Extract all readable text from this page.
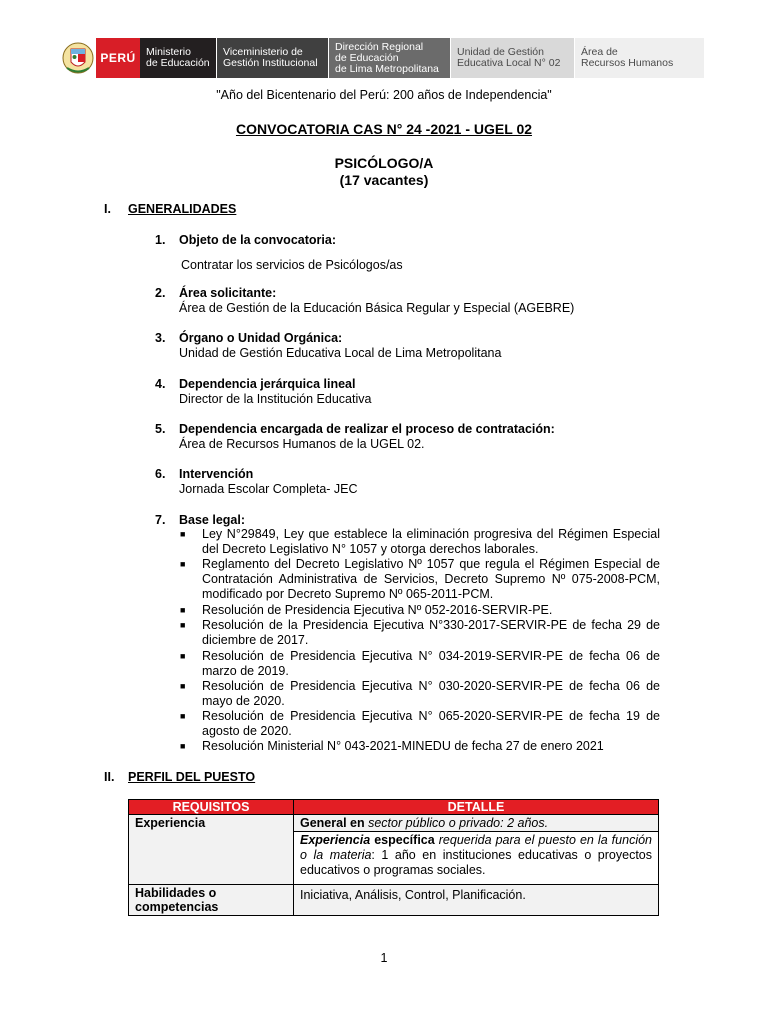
PERÚ Ministerio
de Educación
Viceministerio de
Gestión Institucional
Dirección Regional
de Educación
de Lima Metropolitana
Unidad de Gestión
Educativa Local N° 02
Área de
Recursos Humanos
"Año del Bicentenario del Perú: 200 años de Independencia"
CONVOCATORIA CAS N° 24 -2021 - UGEL 02
PSICÓLOGO/A
(17 vacantes)
I. GENERALIDADES
1. Objeto de la convocatoria:
Contratar los servicios de Psicólogos/as
2. Área solicitante:
Área de Gestión de la Educación Básica Regular y Especial (AGEBRE)
3. Órgano o Unidad Orgánica:
Unidad de Gestión Educativa Local de Lima Metropolitana
4. Dependencia jerárquica lineal
Director de la Institución Educativa
5. Dependencia encargada de realizar el proceso de contratación:
Área de Recursos Humanos de la UGEL 02.
6. Intervención
Jornada Escolar Completa- JEC
7. Base legal:
■ Ley N°29849, Ley que establece la eliminación progresiva del Régimen Especial del Decreto Legislativo N° 1057 y otorga derechos laborales.
■ Reglamento del Decreto Legislativo Nº 1057 que regula el Régimen Especial de Contratación Administrativa de Servicios, Decreto Supremo Nº 075-2008-PCM, modificado por Decreto Supremo Nº 065-2011-PCM.
■ Resolución de Presidencia Ejecutiva Nº 052-2016-SERVIR-PE.
■ Resolución de la Presidencia Ejecutiva N°330-2017-SERVIR-PE de fecha 29 de diciembre de 2017.
■ Resolución de Presidencia Ejecutiva N° 034-2019-SERVIR-PE de fecha 06 de marzo de 2019.
■ Resolución de Presidencia Ejecutiva N° 030-2020-SERVIR-PE de fecha 06 de mayo de 2020.
■ Resolución de Presidencia Ejecutiva N° 065-2020-SERVIR-PE de fecha 19 de agosto de 2020.
■ Resolución Ministerial N° 043-2021-MINEDU de fecha 27 de enero 2021
II. PERFIL DEL PUESTO
REQUISITOS	DETALLE
Experiencia	General en sector público o privado: 2 años.
	Experiencia específica requerida para el puesto en la función o la materia: 1 año en instituciones educativas o proyectos educativos o programas sociales.
Habilidades o competencias	Iniciativa, Análisis, Control, Planificación.
1
